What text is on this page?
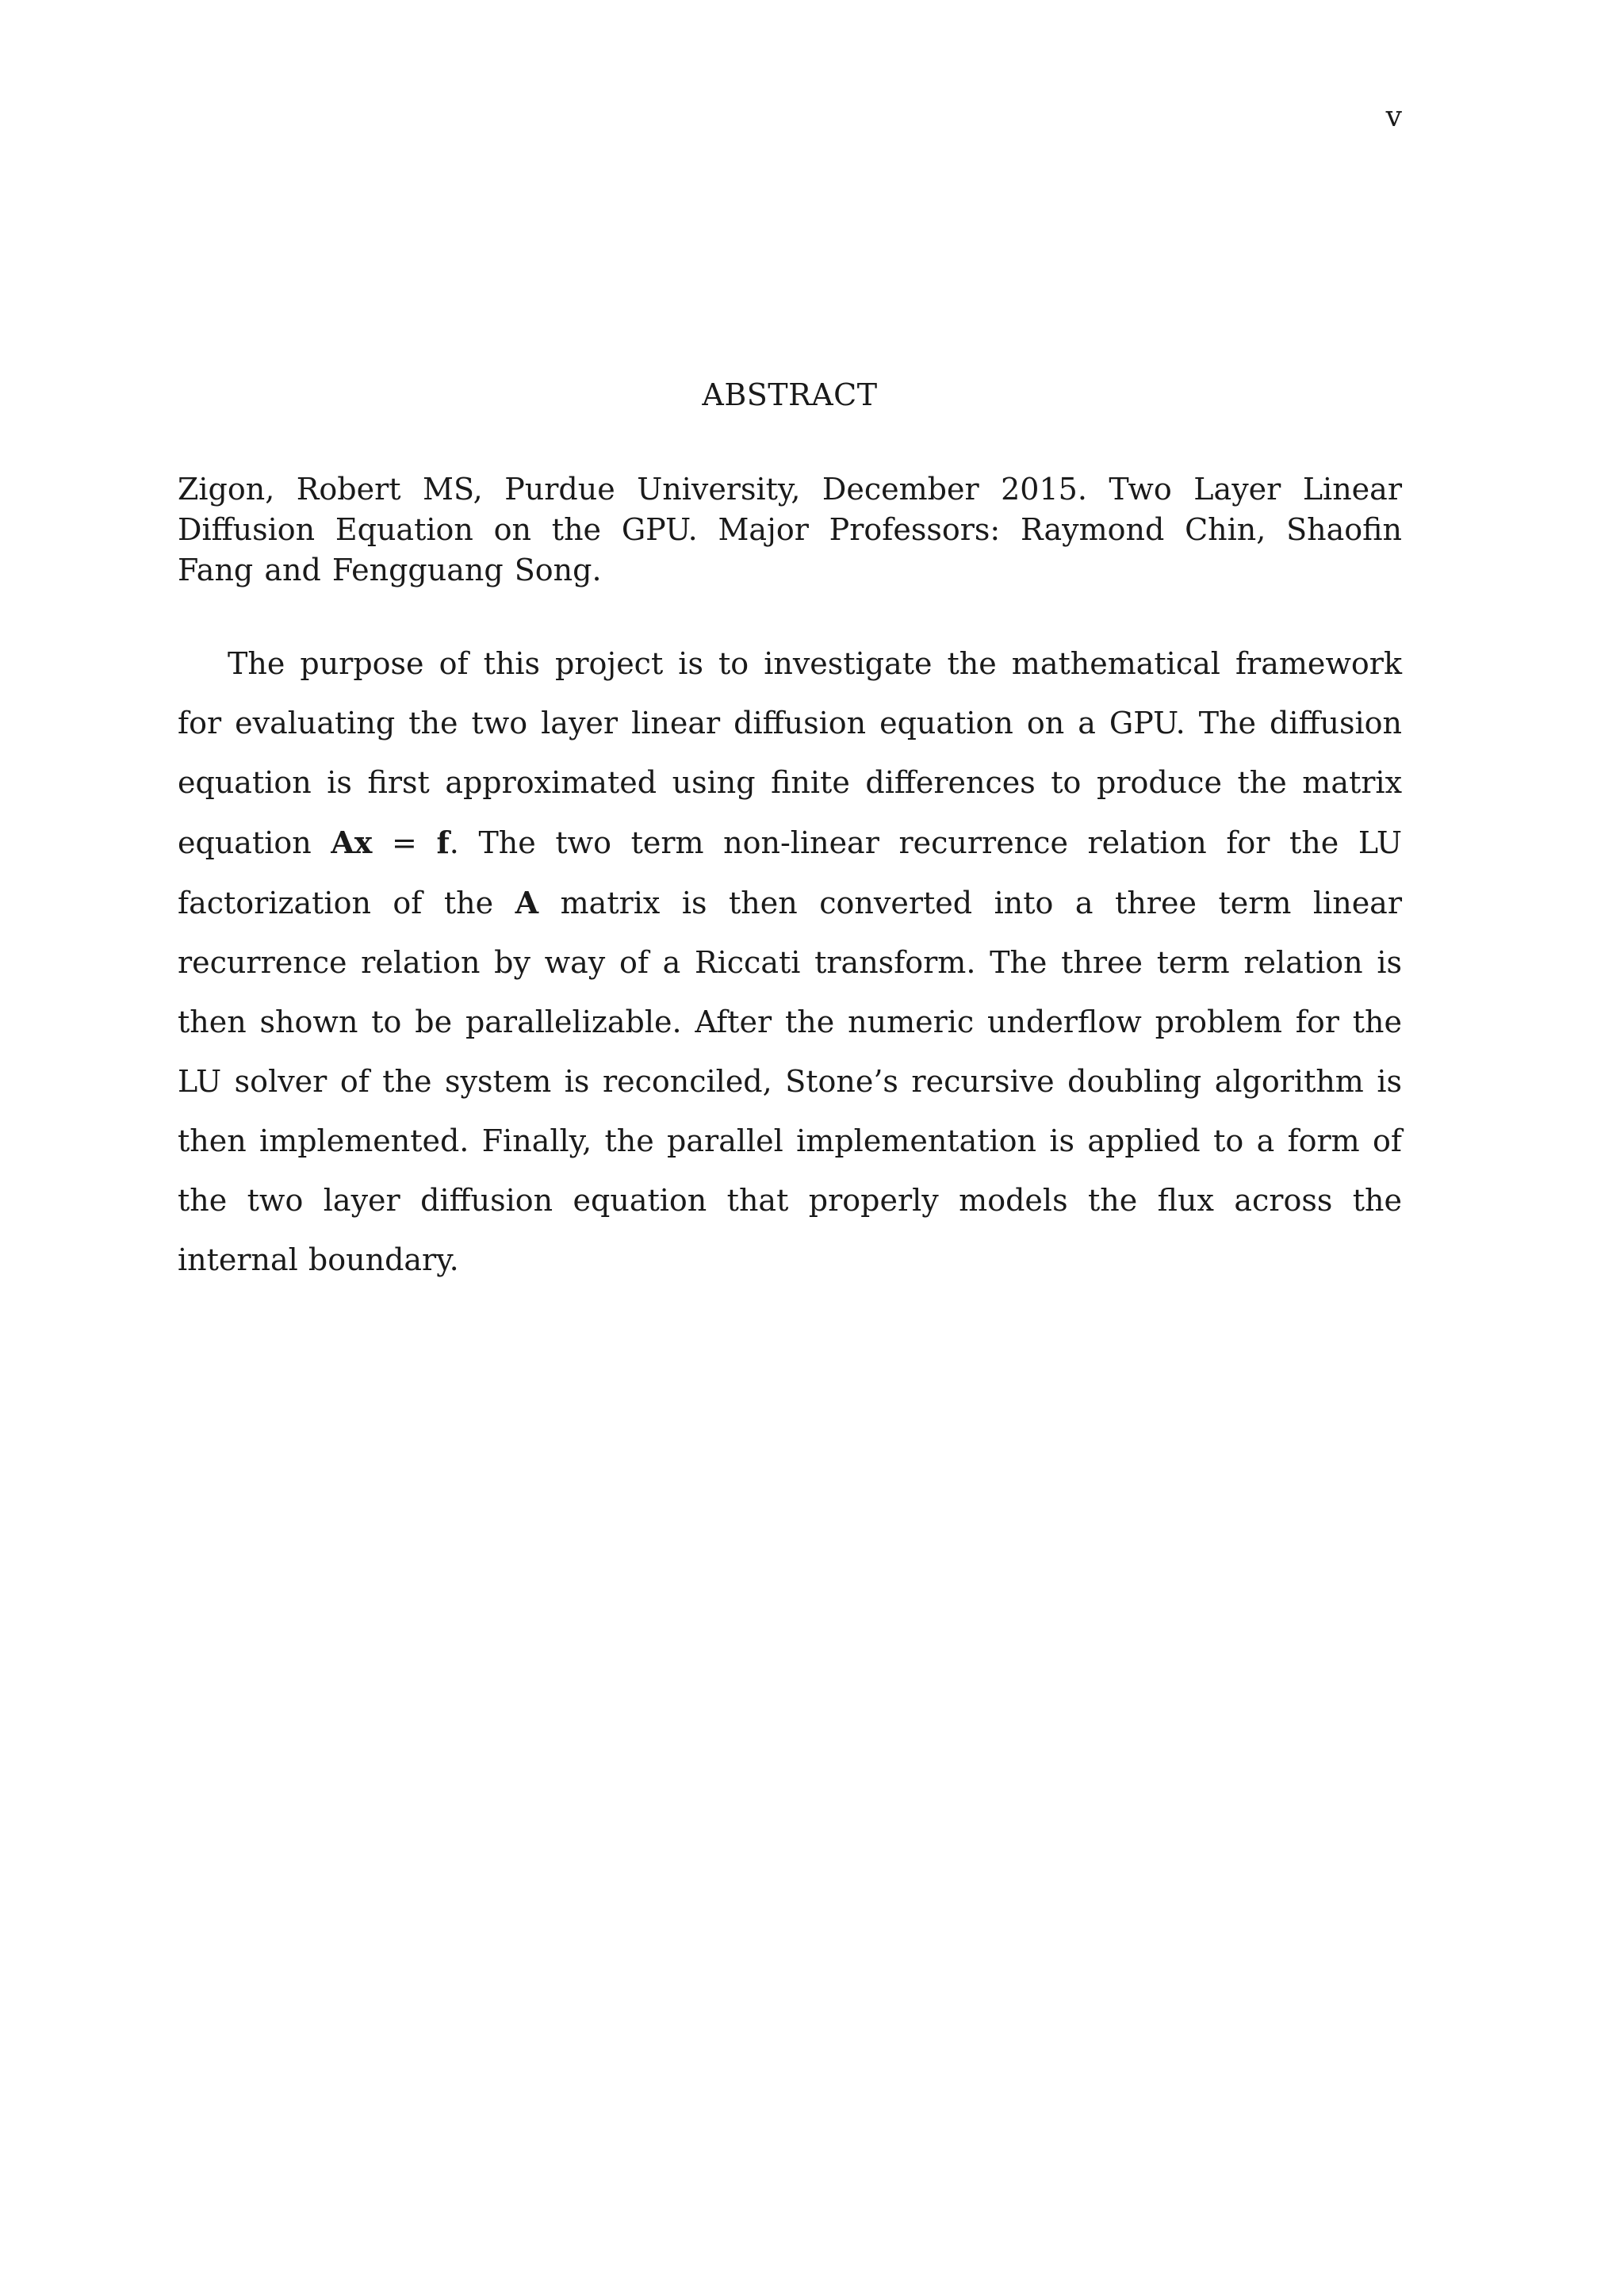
v
ABSTRACT
Zigon, Robert MS, Purdue University, December 2015. Two Layer Linear Diffusion Equation on the GPU. Major Professors: Raymond Chin, Shaofin Fang and Fengguang Song.
The purpose of this project is to investigate the mathematical framework for evaluating the two layer linear diffusion equation on a GPU. The diffusion equation is first approximated using finite differences to produce the matrix equation Ax = f. The two term non-linear recurrence relation for the LU factorization of the A matrix is then converted into a three term linear recurrence relation by way of a Riccati transform. The three term relation is then shown to be parallelizable. After the numeric underflow problem for the LU solver of the system is reconciled, Stone’s recursive doubling algorithm is then implemented. Finally, the parallel implementation is applied to a form of the two layer diffusion equation that properly models the flux across the internal boundary.
